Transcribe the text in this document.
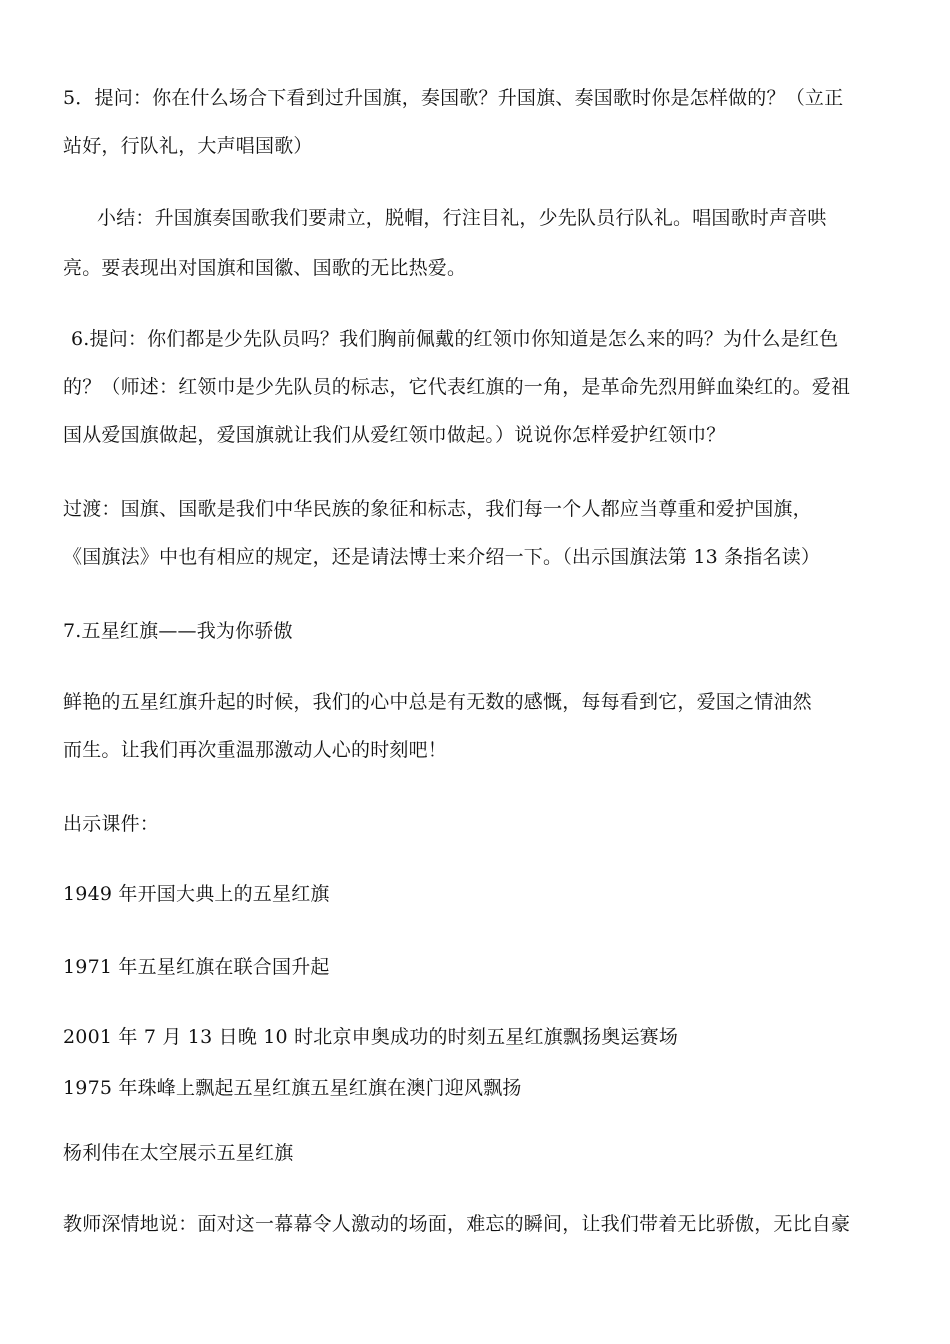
5．提问：你在什么场合下看到过升国旗，奏国歌？升国旗、奏国歌时你是怎样做的？（立正
站好，行队礼，大声唱国歌）
小结：升国旗奏国歌我们要肃立，脱帽，行注目礼，少先队员行队礼。唱国歌时声音哄
亮。要表现出对国旗和国徽、国歌的无比热爱。
6.提问：你们都是少先队员吗？我们胸前佩戴的红领巾你知道是怎么来的吗？为什么是红色
的？（师述：红领巾是少先队员的标志，它代表红旗的一角，是革命先烈用鲜血染红的。爱祖
国从爱国旗做起，爱国旗就让我们从爱红领巾做起。）说说你怎样爱护红领巾？
过渡：国旗、国歌是我们中华民族的象征和标志，我们每一个人都应当尊重和爱护国旗，
《国旗法》中也有相应的规定，还是请法博士来介绍一下。（出示国旗法第 13 条指名读）
7.五星红旗——我为你骄傲
鲜艳的五星红旗升起的时候，我们的心中总是有无数的感慨，每每看到它，爱国之情油然
而生。让我们再次重温那激动人心的时刻吧！
出示课件：
1949 年开国大典上的五星红旗
1971 年五星红旗在联合国升起
2001 年 7 月 13 日晚 10 时北京申奥成功的时刻五星红旗飘扬奥运赛场
1975 年珠峰上飘起五星红旗五星红旗在澳门迎风飘扬
杨利伟在太空展示五星红旗
教师深情地说：面对这一幕幕令人激动的场面，难忘的瞬间，让我们带着无比骄傲，无比自豪
